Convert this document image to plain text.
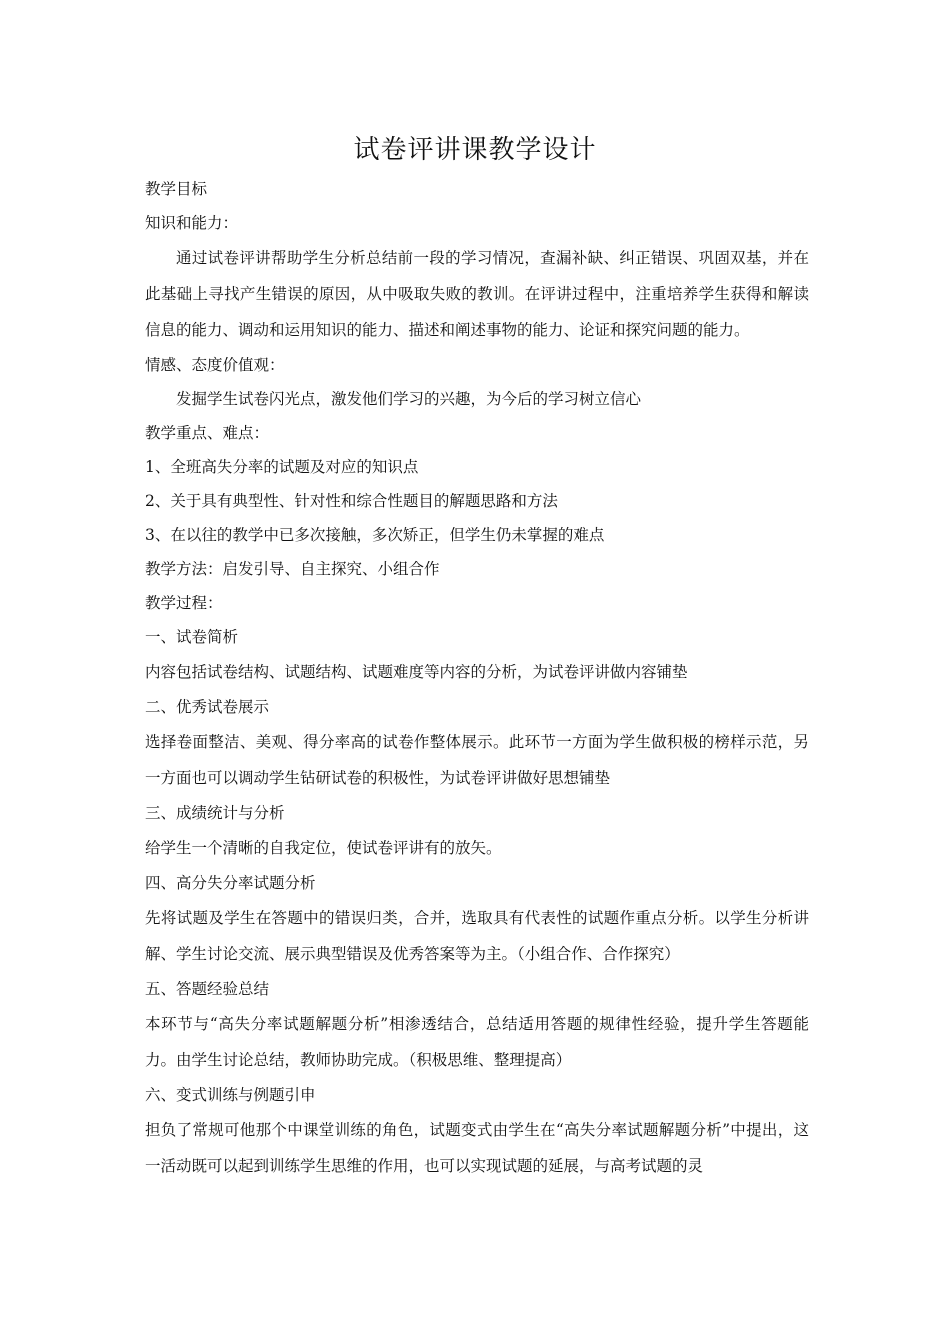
试卷评讲课教学设计

教学目标

知识和能力：

通过试卷评讲帮助学生分析总结前一段的学习情况，查漏补缺、纠正错误、巩固双基，并在此基础上寻找产生错误的原因，从中吸取失败的教训。在评讲过程中，注重培养学生获得和解读信息的能力、调动和运用知识的能力、描述和阐述事物的能力、论证和探究问题的能力。

情感、态度价值观：

发掘学生试卷闪光点，激发他们学习的兴趣，为今后的学习树立信心

教学重点、难点：

1、全班高失分率的试题及对应的知识点

2、关于具有典型性、针对性和综合性题目的解题思路和方法

3、在以往的教学中已多次接触，多次矫正，但学生仍未掌握的难点

教学方法：启发引导、自主探究、小组合作

教学过程：

一、试卷简析

内容包括试卷结构、试题结构、试题难度等内容的分析，为试卷评讲做内容铺垫

二、优秀试卷展示

选择卷面整洁、美观、得分率高的试卷作整体展示。此环节一方面为学生做积极的榜样示范，另一方面也可以调动学生钻研试卷的积极性，为试卷评讲做好思想铺垫

三、成绩统计与分析

给学生一个清晰的自我定位，使试卷评讲有的放矢。

四、高分失分率试题分析

先将试题及学生在答题中的错误归类，合并，选取具有代表性的试题作重点分析。以学生分析讲解、学生讨论交流、展示典型错误及优秀答案等为主。（小组合作、合作探究）

五、答题经验总结

本环节与“高失分率试题解题分析”相渗透结合，总结适用答题的规律性经验，提升学生答题能力。由学生讨论总结，教师协助完成。（积极思维、整理提高）

六、变式训练与例题引申

担负了常规可他那个中课堂训练的角色，试题变式由学生在“高失分率试题解题分析”中提出，这一活动既可以起到训练学生思维的作用，也可以实现试题的延展，与高考试题的灵
